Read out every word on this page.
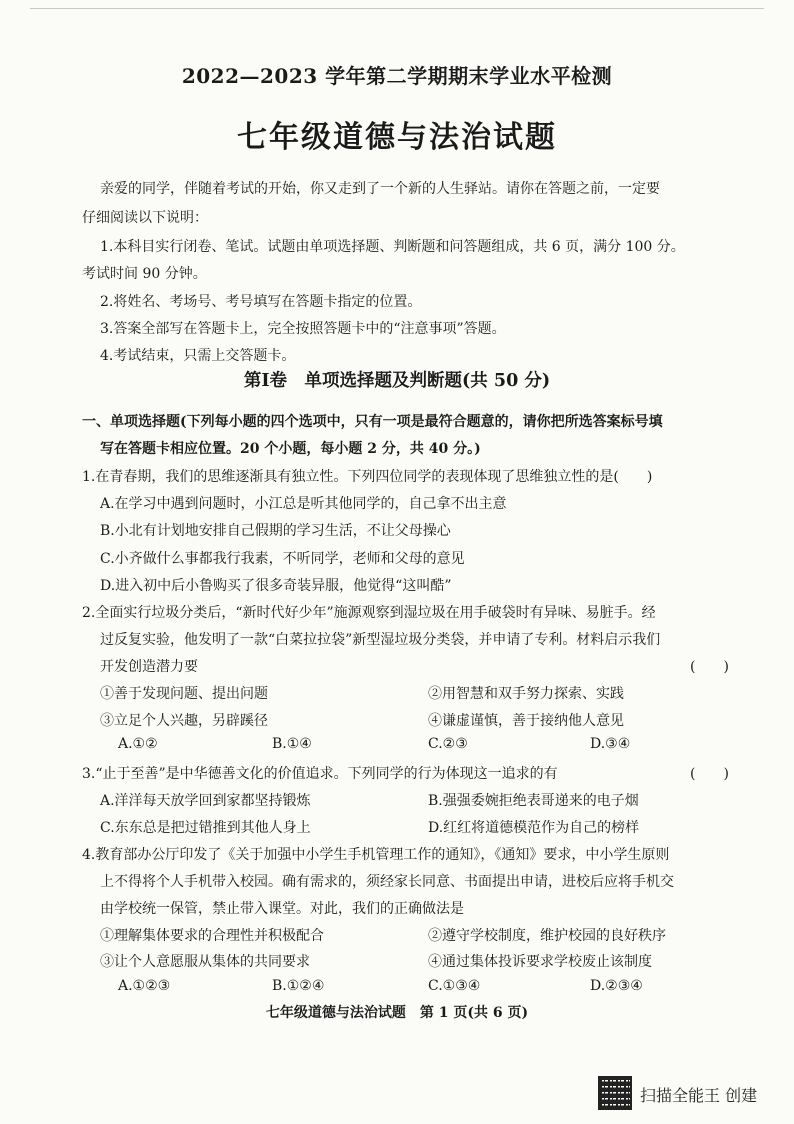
2022—2023 学年第二学期期末学业水平检测
七年级道德与法治试题
亲爱的同学，伴随着考试的开始，你又走到了一个新的人生驿站。请你在答题之前，一定要
仔细阅读以下说明：
1.本科目实行闭卷、笔试。试题由单项选择题、判断题和问答题组成，共 6 页，满分 100 分。
考试时间 90 分钟。
2.将姓名、考场号、考号填写在答题卡指定的位置。
3.答案全部写在答题卡上，完全按照答题卡中的“注意事项”答题。
4.考试结束，只需上交答题卡。
第Ⅰ卷　单项选择题及判断题(共 50 分)
一、单项选择题(下列每小题的四个选项中，只有一项是最符合题意的，请你把所选答案标号填
写在答题卡相应位置。20 个小题，每小题 2 分，共 40 分。)
1.在青春期，我们的思维逐渐具有独立性。下列四位同学的表现体现了思维独立性的是(　　)
A.在学习中遇到问题时，小江总是听其他同学的，自己拿不出主意
B.小北有计划地安排自己假期的学习生活，不让父母操心
C.小齐做什么事都我行我素，不听同学，老师和父母的意见
D.进入初中后小鲁购买了很多奇装异服，他觉得“这叫酷”
2.全面实行垃圾分类后，“新时代好少年”施源观察到湿垃圾在用手破袋时有异味、易脏手。经
过反复实验，他发明了一款“白菜拉拉袋”新型湿垃圾分类袋，并申请了专利。材料启示我们
开发创造潜力要	(　　)
①善于发现问题、提出问题	②用智慧和双手努力探索、实践
③立足个人兴趣，另辟蹊径	④谦虚谨慎，善于接纳他人意见
A.①②	B.①④	C.②③	D.③④
3.“止于至善”是中华德善文化的价值追求。下列同学的行为体现这一追求的有	(　　)
A.洋洋每天放学回到家都坚持锻炼	B.强强委婉拒绝表哥递来的电子烟
C.东东总是把过错推到其他人身上	D.红红将道德模范作为自己的榜样
4.教育部办公厅印发了《关于加强中小学生手机管理工作的通知》，《通知》要求，中小学生原则
上不得将个人手机带入校园。确有需求的，须经家长同意、书面提出申请，进校后应将手机交
由学校统一保管，禁止带入课堂。对此，我们的正确做法是
①理解集体要求的合理性并积极配合	②遵守学校制度，维护校园的良好秩序
③让个人意愿服从集体的共同要求	④通过集体投诉要求学校废止该制度
A.①②③	B.①②④	C.①③④	D.②③④
七年级道德与法治试题　第 1 页(共 6 页)
扫描全能王 创建
